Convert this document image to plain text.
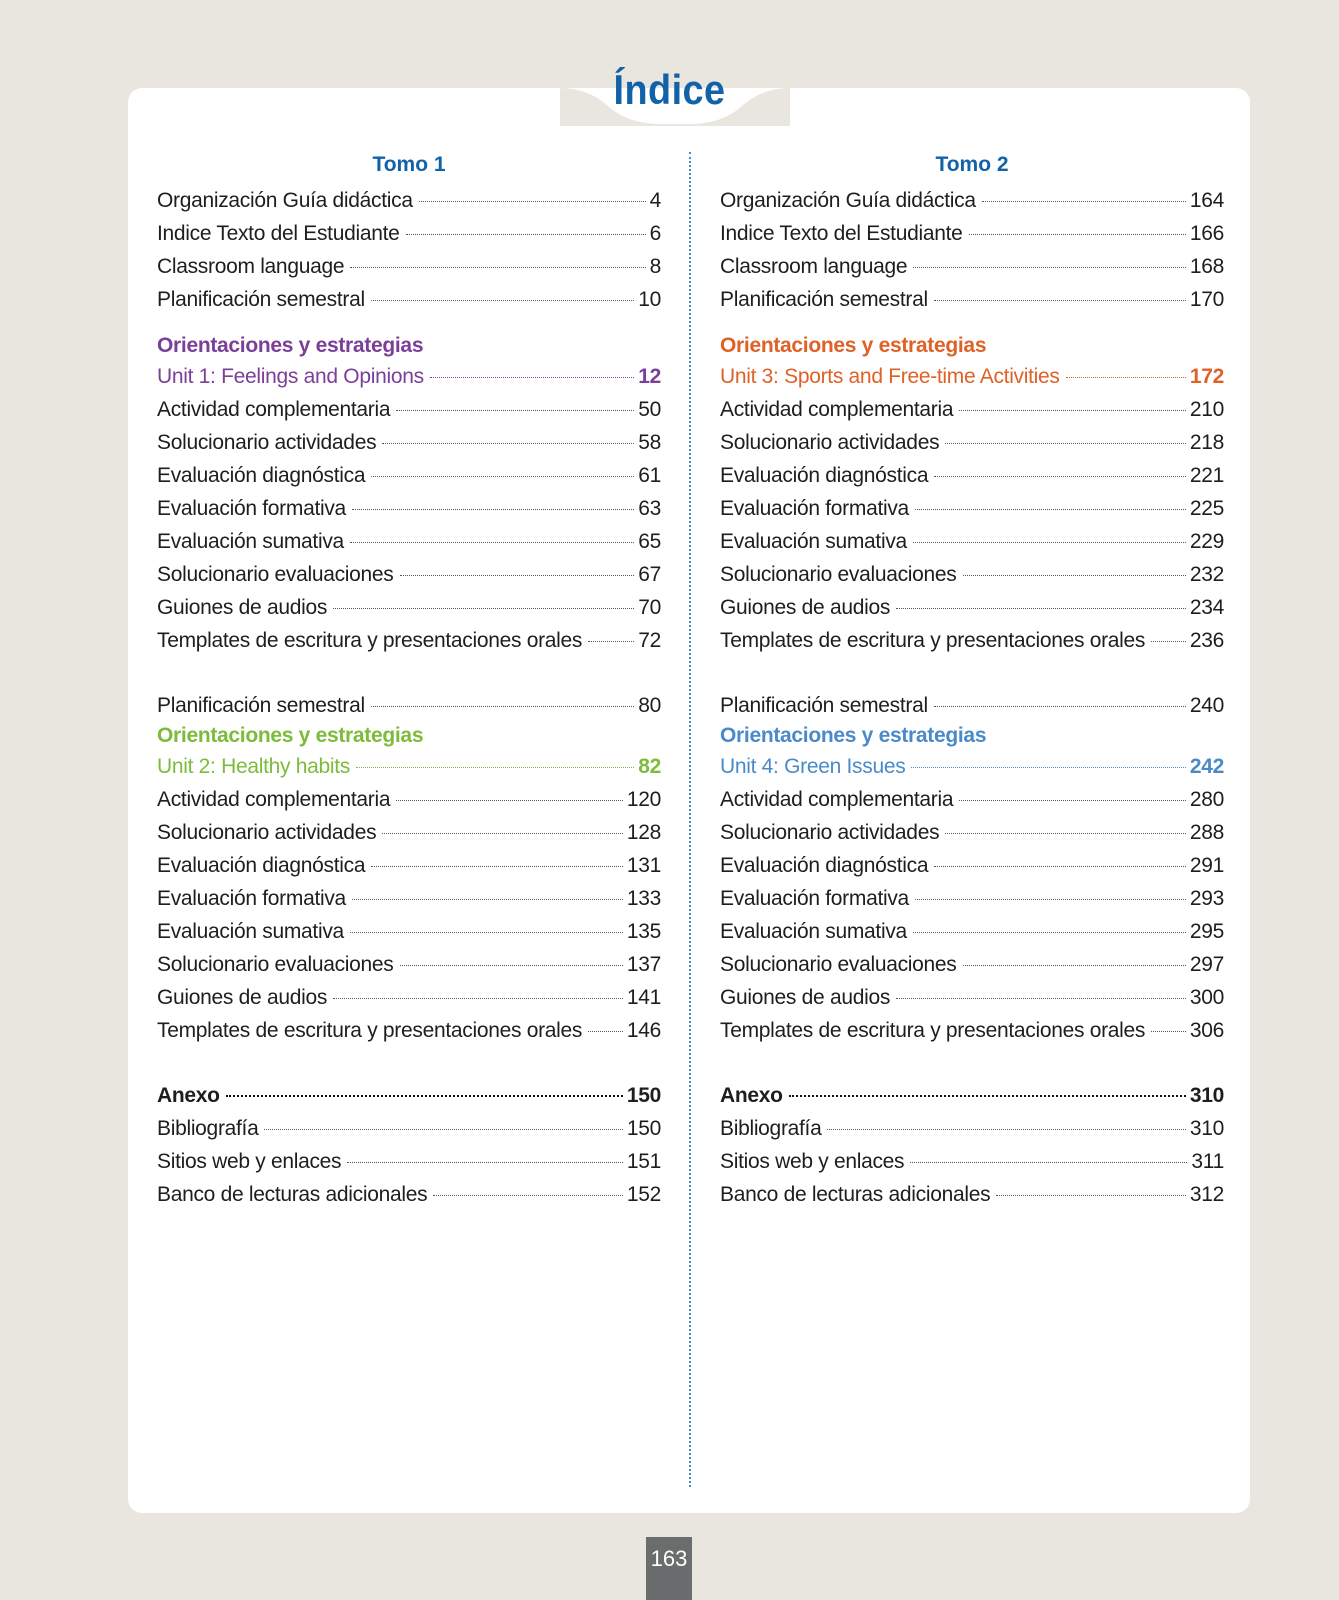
Índice
Tomo 1
Organización Guía didáctica	4
Indice Texto del Estudiante	6
Classroom language	8
Planificación semestral	10
Orientaciones y estrategias
Unit 1: Feelings and Opinions	12
Actividad complementaria	50
Solucionario actividades	58
Evaluación diagnóstica	61
Evaluación formativa	63
Evaluación sumativa	65
Solucionario evaluaciones	67
Guiones de audios	70
Templates de escritura y presentaciones orales	72
Planificación semestral	80
Orientaciones y estrategias
Unit 2: Healthy habits	82
Actividad complementaria	120
Solucionario actividades	128
Evaluación diagnóstica	131
Evaluación formativa	133
Evaluación sumativa	135
Solucionario evaluaciones	137
Guiones de audios	141
Templates de escritura y presentaciones orales 146
Anexo	150
Bibliografía	150
Sitios web y enlaces	151
Banco de lecturas adicionales	152
Tomo 2
Organización Guía didáctica	164
Indice Texto del Estudiante	166
Classroom language	168
Planificación semestral	170
Orientaciones y estrategias
Unit 3: Sports and Free-time Activities	172
Actividad complementaria	210
Solucionario actividades	218
Evaluación diagnóstica	221
Evaluación formativa	225
Evaluación sumativa	229
Solucionario evaluaciones	232
Guiones de audios	234
Templates de escritura y presentaciones orales 236
Planificación semestral	240
Orientaciones y estrategias
Unit 4: Green Issues	242
Actividad complementaria	280
Solucionario actividades	288
Evaluación diagnóstica	291
Evaluación formativa	293
Evaluación sumativa	295
Solucionario evaluaciones	297
Guiones de audios	300
Templates de escritura y presentaciones orales 306
Anexo	310
Bibliografía	310
Sitios web y enlaces	311
Banco de lecturas adicionales	312
163
